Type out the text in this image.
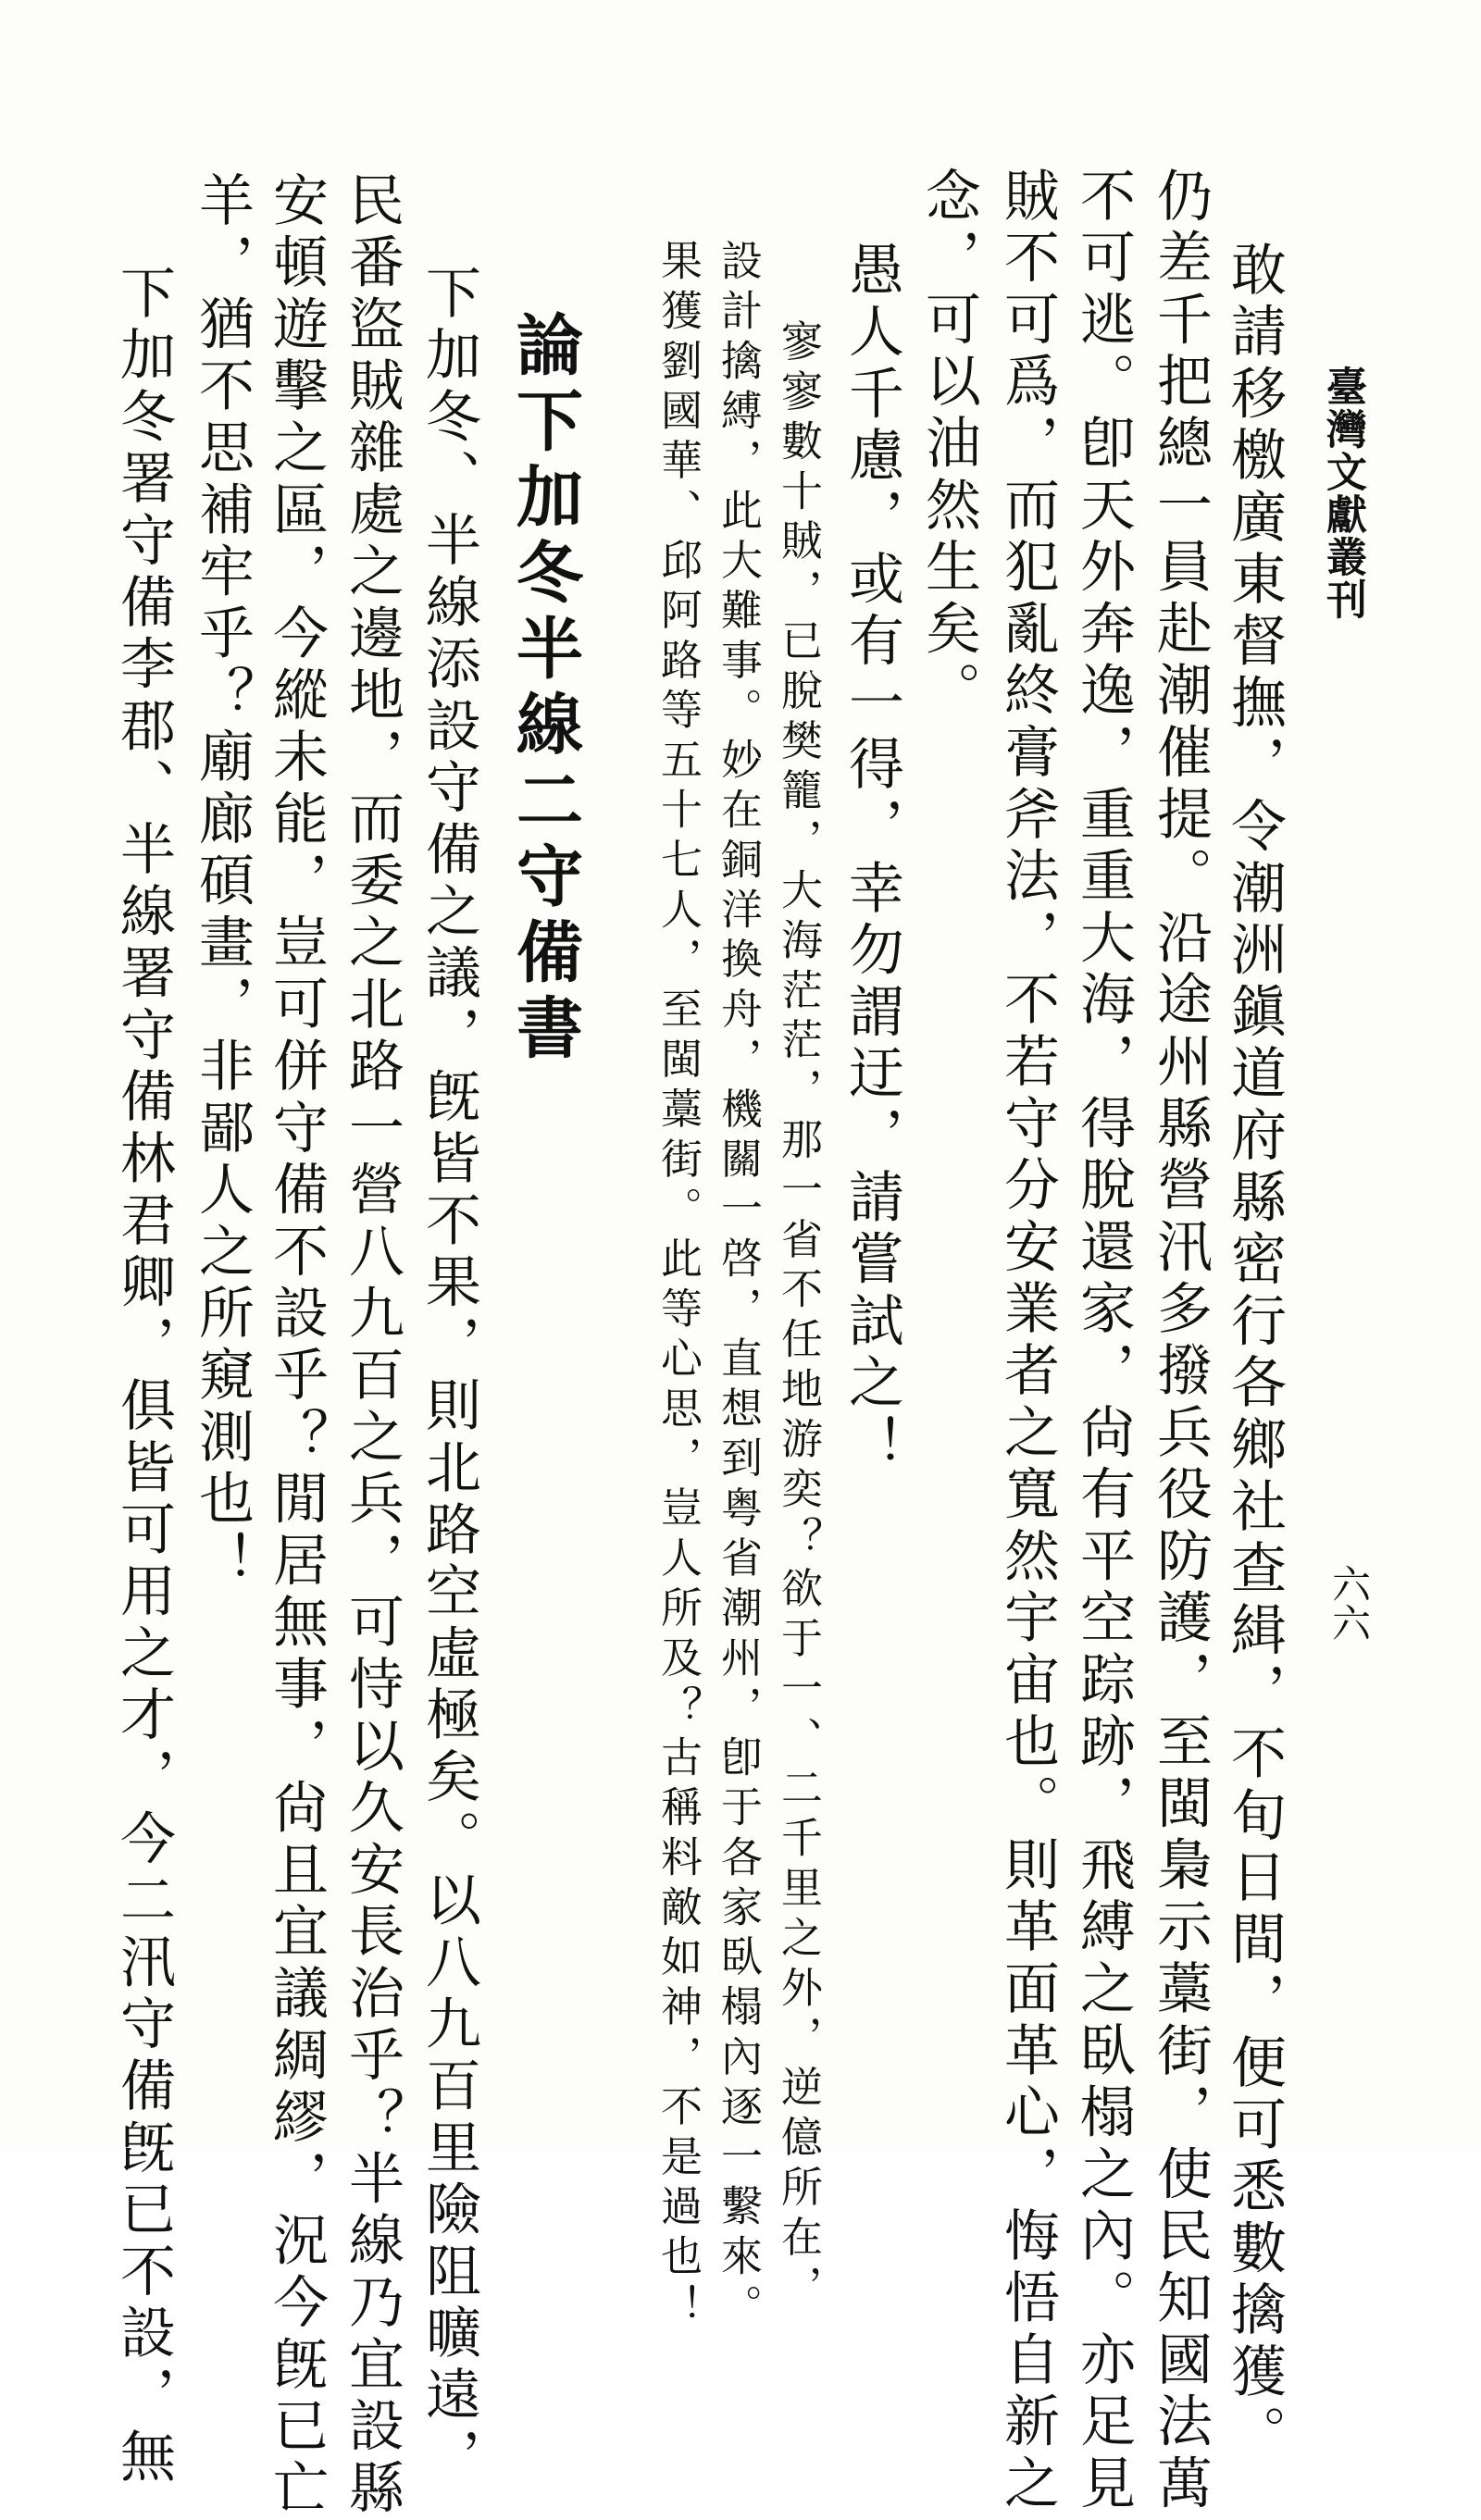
臺灣文獻叢刊
六六
敢請移檄廣東督撫，令潮洲鎭道府縣密行各鄉社查緝，不旬日間，便可悉數擒獲。
仍差千把總一員赴潮催提。沿途州縣營汛多撥兵役防護，至閩梟示藁街，使民知國法萬
不可逃。卽天外奔逸，重重大海，得脫還家，尙有平空踪跡，飛縛之臥榻之內。亦足見
賊不可爲，而犯亂終膏斧法，不若守分安業者之寬然宇宙也。則革面革心，悔悟自新之
念，可以油然生矣。
愚人千慮，或有一得，幸勿謂迂，請嘗試之！
寥寥數十賊，已脫樊籠，大海茫茫，那一省不任地游奕？欲于一、二千里之外，逆億所在，
設計擒縛，此大難事。妙在銅洋換舟，機關一啓，直想到粤省潮州，卽于各家臥榻內逐一繫來。
果獲劉國華、邱阿路等五十七人，至閩藁街。此等心思，豈人所及？古稱料敵如神，不是過也！
論下加冬半線二守備書
下加冬、半線添設守備之議，旣皆不果，則北路空虛極矣。以八九百里險阻曠遠，
民番盜賊雜處之邊地，而委之北路一營八九百之兵，可恃以久安長治乎？半線乃宜設縣
安頓遊擊之區，今縱未能，豈可併守備不設乎？閒居無事，尙且宜議綢繆，況今旣已亡
羊，猶不思補牢乎？廟廊碩畫，非鄙人之所窺測也！
下加冬署守備李郡、半線署守備林君卿，俱皆可用之才，今二汛守備旣已不設，無
